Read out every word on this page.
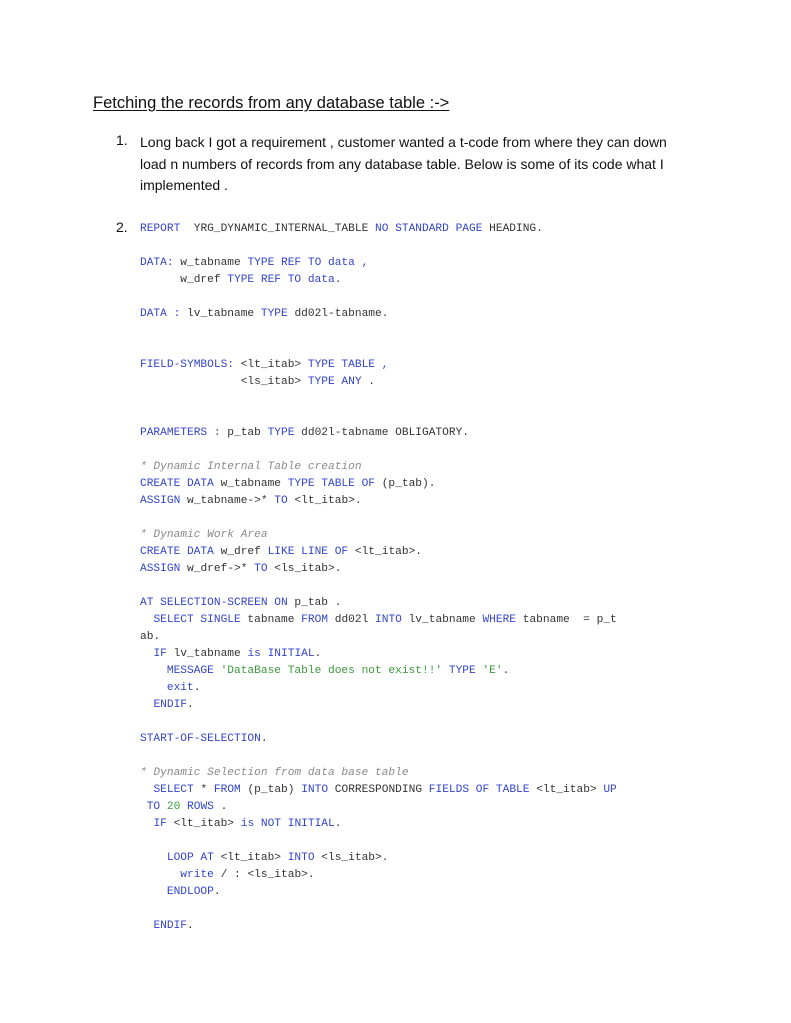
Fetching the records from any database table :->
1. Long back I got a requirement , customer wanted a t-code from where they can down
load n numbers of records from any database table. Below is some of its code what I
implemented .
2. REPORT  YRG_DYNAMIC_INTERNAL_TABLE NO STANDARD PAGE HEADING.
DATA: w_tabname TYPE REF TO data ,
w_dref TYPE REF TO data.
DATA : lv_tabname TYPE dd02l-tabname.
FIELD-SYMBOLS: <lt_itab> TYPE TABLE ,
<ls_itab> TYPE ANY .
PARAMETERS : p_tab TYPE dd02l-tabname OBLIGATORY.
* Dynamic Internal Table creation
CREATE DATA w_tabname TYPE TABLE OF (p_tab).
ASSIGN w_tabname->* TO <lt_itab>.
* Dynamic Work Area
CREATE DATA w_dref LIKE LINE OF <lt_itab>.
ASSIGN w_dref->* TO <ls_itab>.
AT SELECTION-SCREEN ON p_tab .
SELECT SINGLE tabname FROM dd02l INTO lv_tabname WHERE tabname  = p_t
ab.
IF lv_tabname is INITIAL.
MESSAGE 'DataBase Table does not exist!!' TYPE 'E'.
exit.
ENDIF.
START-OF-SELECTION.
* Dynamic Selection from data base table
SELECT * FROM (p_tab) INTO CORRESPONDING FIELDS OF TABLE <lt_itab> UP
TO 20 ROWS .
IF <lt_itab> is NOT INITIAL.
LOOP AT <lt_itab> INTO <ls_itab>.
write / : <ls_itab>.
ENDLOOP.
ENDIF.
